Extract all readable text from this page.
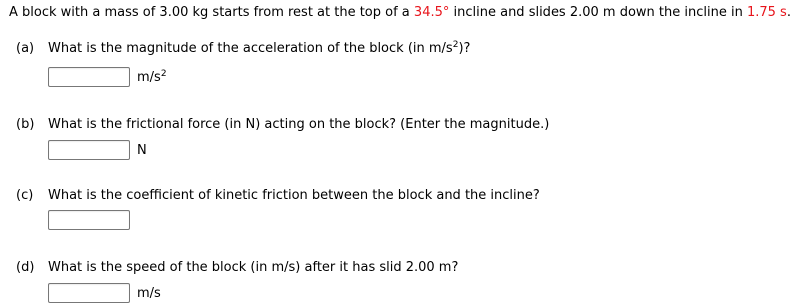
A block with a mass of 3.00 kg starts from rest at the top of a 34.5° incline and slides 2.00 m down the incline in 1.75 s.
(a) What is the magnitude of the acceleration of the block (in $m/s^2$)?
$m/s^2$
(b) What is the frictional force (in N) acting on the block? (Enter the magnitude.)
N
(c) What is the coefficient of kinetic friction between the block and the incline?
(d) What is the speed of the block (in m/s) after it has slid 2.00 m?
m/s
